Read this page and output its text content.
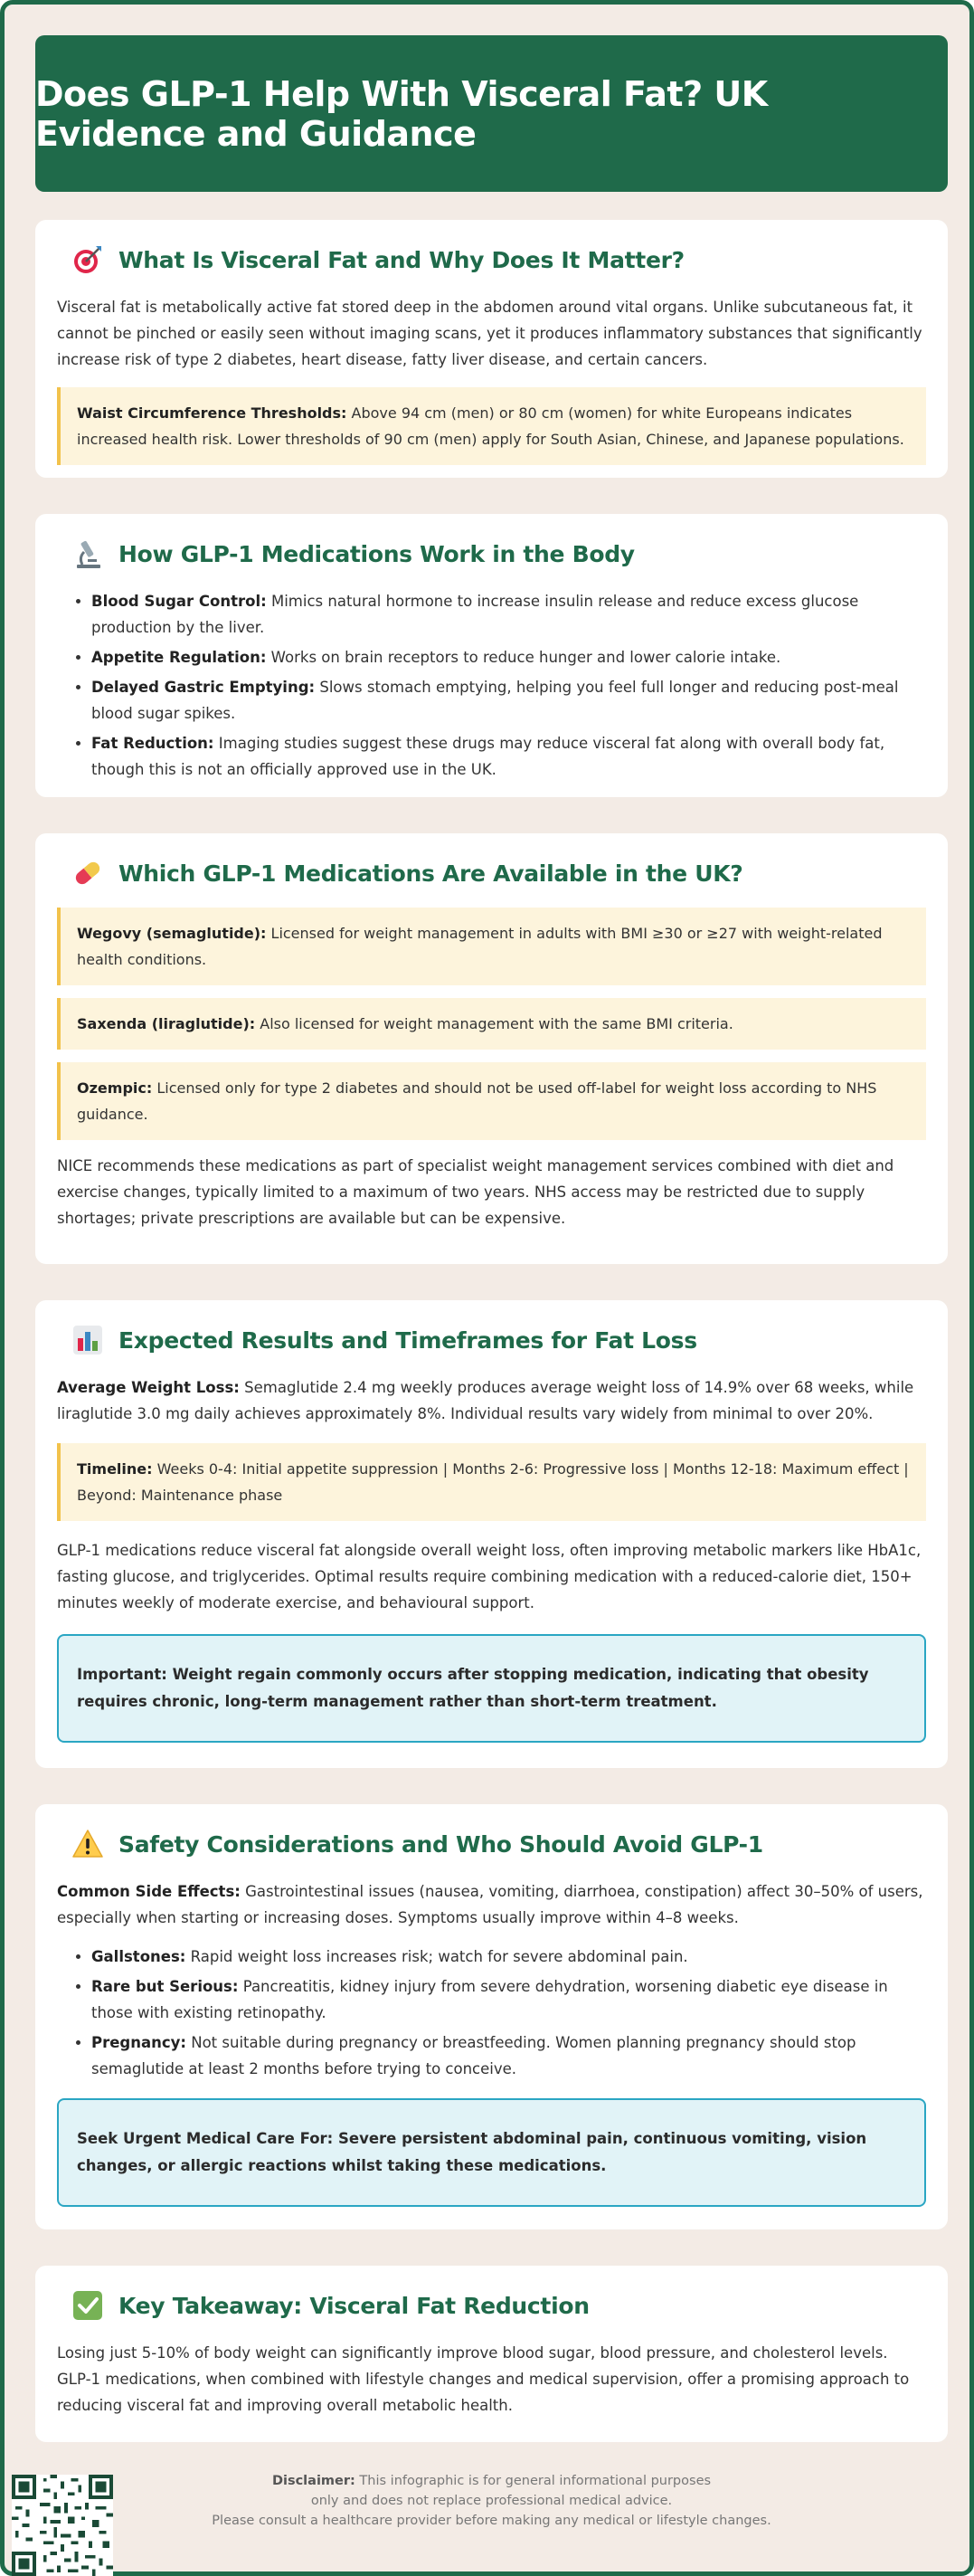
Does GLP-1 Help With Visceral Fat? UK Evidence and Guidance
What Is Visceral Fat and Why Does It Matter?

Visceral fat is metabolically active fat stored deep in the abdomen around vital organs. Unlike subcutaneous fat, it cannot be pinched or easily seen without imaging scans, yet it produces inflammatory substances that significantly increase risk of type 2 diabetes, heart disease, fatty liver disease, and certain cancers.

Waist Circumference Thresholds: Above 94 cm (men) or 80 cm (women) for white Europeans indicates increased health risk. Lower thresholds of 90 cm (men) apply for South Asian, Chinese, and Japanese populations.
How GLP-1 Medications Work in the Body
• Blood Sugar Control: Mimics natural hormone to increase insulin release and reduce excess glucose production by the liver.
• Appetite Regulation: Works on brain receptors to reduce hunger and lower calorie intake.
• Delayed Gastric Emptying: Slows stomach emptying, helping you feel full longer and reducing post-meal blood sugar spikes.
• Fat Reduction: Imaging studies suggest these drugs may reduce visceral fat along with overall body fat, though this is not an officially approved use in the UK.
Which GLP-1 Medications Are Available in the UK?
Wegovy (semaglutide): Licensed for weight management in adults with BMI ≥30 or ≥27 with weight-related health conditions.
Saxenda (liraglutide): Also licensed for weight management with the same BMI criteria.
Ozempic: Licensed only for type 2 diabetes and should not be used off-label for weight loss according to NHS guidance.

NICE recommends these medications as part of specialist weight management services combined with diet and exercise changes, typically limited to a maximum of two years. NHS access may be restricted due to supply shortages; private prescriptions are available but can be expensive.

Expected Results and Timeframes for Fat Loss

Average Weight Loss: Semaglutide 2.4 mg weekly produces average weight loss of 14.9% over 68 weeks, while liraglutide 3.0 mg daily achieves approximately 8%. Individual results vary widely from minimal to over 20%.

Timeline: Weeks 0-4: Initial appetite suppression | Months 2-6: Progressive loss | Months 12-18: Maximum effect | Beyond: Maintenance phase

GLP-1 medications reduce visceral fat alongside overall weight loss, often improving metabolic markers like HbA1c, fasting glucose, and triglycerides. Optimal results require combining medication with a reduced-calorie diet, 150+ minutes weekly of moderate exercise, and behavioural support.

Important: Weight regain commonly occurs after stopping medication, indicating that obesity requires chronic, long-term management rather than short-term treatment.
Safety Considerations and Who Should Avoid GLP-1

Common Side Effects: Gastrointestinal issues (nausea, vomiting, diarrhoea, constipation) affect 30–50% of users, especially when starting or increasing doses. Symptoms usually improve within 4–8 weeks.

• Gallstones: Rapid weight loss increases risk; watch for severe abdominal pain.
• Rare but Serious: Pancreatitis, kidney injury from severe dehydration, worsening diabetic eye disease in those with existing retinopathy.
• Pregnancy: Not suitable during pregnancy or breastfeeding. Women planning pregnancy should stop semaglutide at least 2 months before trying to conceive.
Seek Urgent Medical Care For: Severe persistent abdominal pain, continuous vomiting, vision changes, or allergic reactions whilst taking these medications.
Key Takeaway: Visceral Fat Reduction

Losing just 5-10% of body weight can significantly improve blood sugar, blood pressure, and cholesterol levels. GLP-1 medications, when combined with lifestyle changes and medical supervision, offer a promising approach to reducing visceral fat and improving overall metabolic health.

Disclaimer: This infographic is for general informational purposes
only and does not replace professional medical advice.
Please consult a healthcare provider before making any medical or lifestyle changes.
